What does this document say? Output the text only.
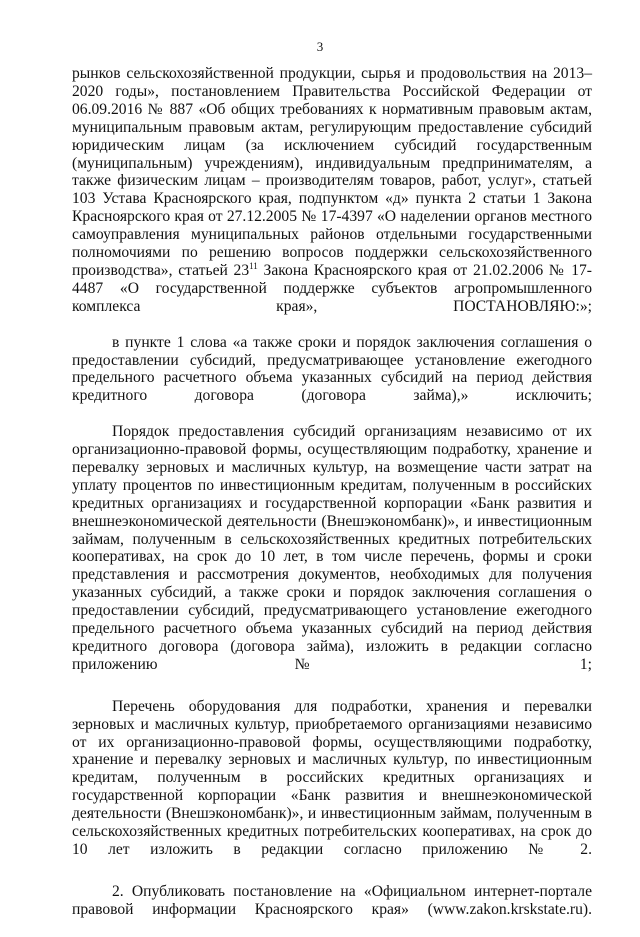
3

рынков сельскохозяйственной продукции, сырья и продовольствия на 2013–2020 годы», постановлением Правительства Российской Федерации от 06.09.2016 № 887 «Об общих требованиях к нормативным правовым актам, муниципальным правовым актам, регулирующим предоставление субсидий юридическим лицам (за исключением субсидий государственным (муниципальным) учреждениям), индивидуальным предпринимателям, а также физическим лицам – производителям товаров, работ, услуг», статьей 103 Устава Красноярского края, подпунктом «д» пункта 2 статьи 1 Закона Красноярского края от 27.12.2005 № 17-4397 «О наделении органов местного самоуправления муниципальных районов отдельными государственными полномочиями по решению вопросов поддержки сельскохозяйственного производства», статьей $23^{11}$ Закона Красноярского края от 21.02.2006 № 17-4487 «О государственной поддержке субъектов агропромышленного комплекса края», ПОСТАНОВЛЯЮ:»;

в пункте 1 слова «а также сроки и порядок заключения соглашения о предоставлении субсидий, предусматривающее установление ежегодного предельного расчетного объема указанных субсидий на период действия кредитного договора (договора займа),» исключить;

Порядок предоставления субсидий организациям независимо от их организационно-правовой формы, осуществляющим подработку, хранение и перевалку зерновых и масличных культур, на возмещение части затрат на уплату процентов по инвестиционным кредитам, полученным в российских кредитных организациях и государственной корпорации «Банк развития и внешнеэкономической деятельности (Внешэкономбанк)», и инвестиционным займам, полученным в сельскохозяйственных кредитных потребительских кооперативах, на срок до 10 лет, в том числе перечень, формы и сроки представления и рассмотрения документов, необходимых для получения указанных субсидий, а также сроки и порядок заключения соглашения о предоставлении субсидий, предусматривающего установление ежегодного предельного расчетного объема указанных субсидий на период действия кредитного договора (договора займа), изложить в редакции согласно приложению № 1;

Перечень оборудования для подработки, хранения и перевалки зерновых и масличных культур, приобретаемого организациями независимо от их организационно-правовой формы, осуществляющими подработку, хранение и перевалку зерновых и масличных культур, по инвестиционным кредитам, полученным в российских кредитных организациях и государственной корпорации «Банк развития и внешнеэкономической деятельности (Внешэкономбанк)», и инвестиционным займам, полученным в сельскохозяйственных кредитных потребительских кооперативах, на срок до 10 лет изложить в редакции согласно приложению № 2.

2. Опубликовать постановление на «Официальном интернет-портале правовой информации Красноярского края» (www.zakon.krskstate.ru).
